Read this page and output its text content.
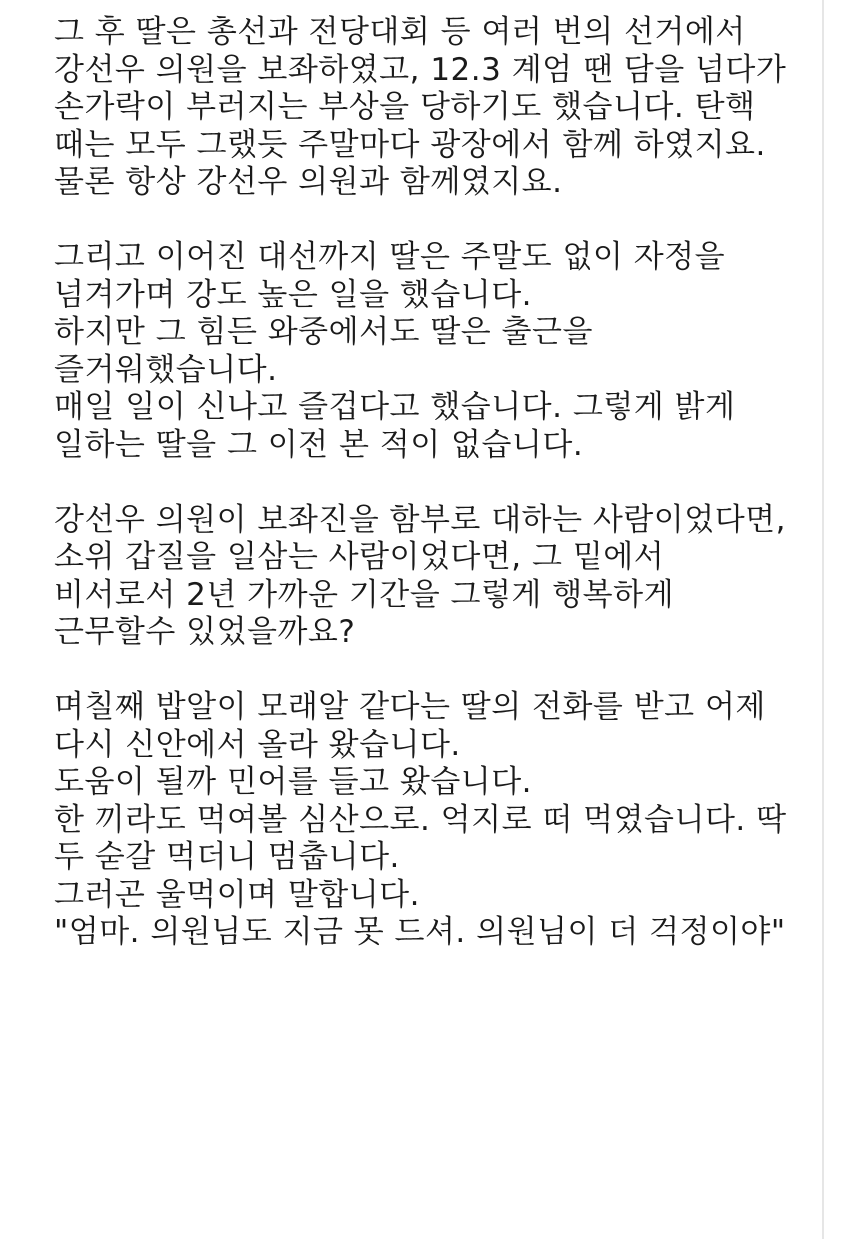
그 후 딸은 총선과 전당대회 등 여러 번의 선거에서
강선우 의원을 보좌하였고, 12.3 계엄 땐 담을 넘다가
손가락이 부러지는 부상을 당하기도 했습니다. 탄핵
때는 모두 그랬듯 주말마다 광장에서 함께 하였지요.
물론 항상 강선우 의원과 함께였지요.
그리고 이어진 대선까지 딸은 주말도 없이 자정을
넘겨가며 강도 높은 일을 했습니다.
하지만 그 힘든 와중에서도 딸은 출근을
즐거워했습니다.
매일 일이 신나고 즐겁다고 했습니다. 그렇게 밝게
일하는 딸을 그 이전 본 적이 없습니다.
강선우 의원이 보좌진을 함부로 대하는 사람이었다면,
소위 갑질을 일삼는 사람이었다면, 그 밑에서
비서로서 2년 가까운 기간을 그렇게 행복하게
근무할수 있었을까요?
며칠째 밥알이 모래알 같다는 딸의 전화를 받고 어제
다시 신안에서 올라 왔습니다.
도움이 될까 민어를 들고 왔습니다.
한 끼라도 먹여볼 심산으로. 억지로 떠 먹였습니다. 딱
두 숟갈 먹더니 멈춥니다.
그러곤 울먹이며 말합니다.
"엄마. 의원님도 지금 못 드셔. 의원님이 더 걱정이야"
